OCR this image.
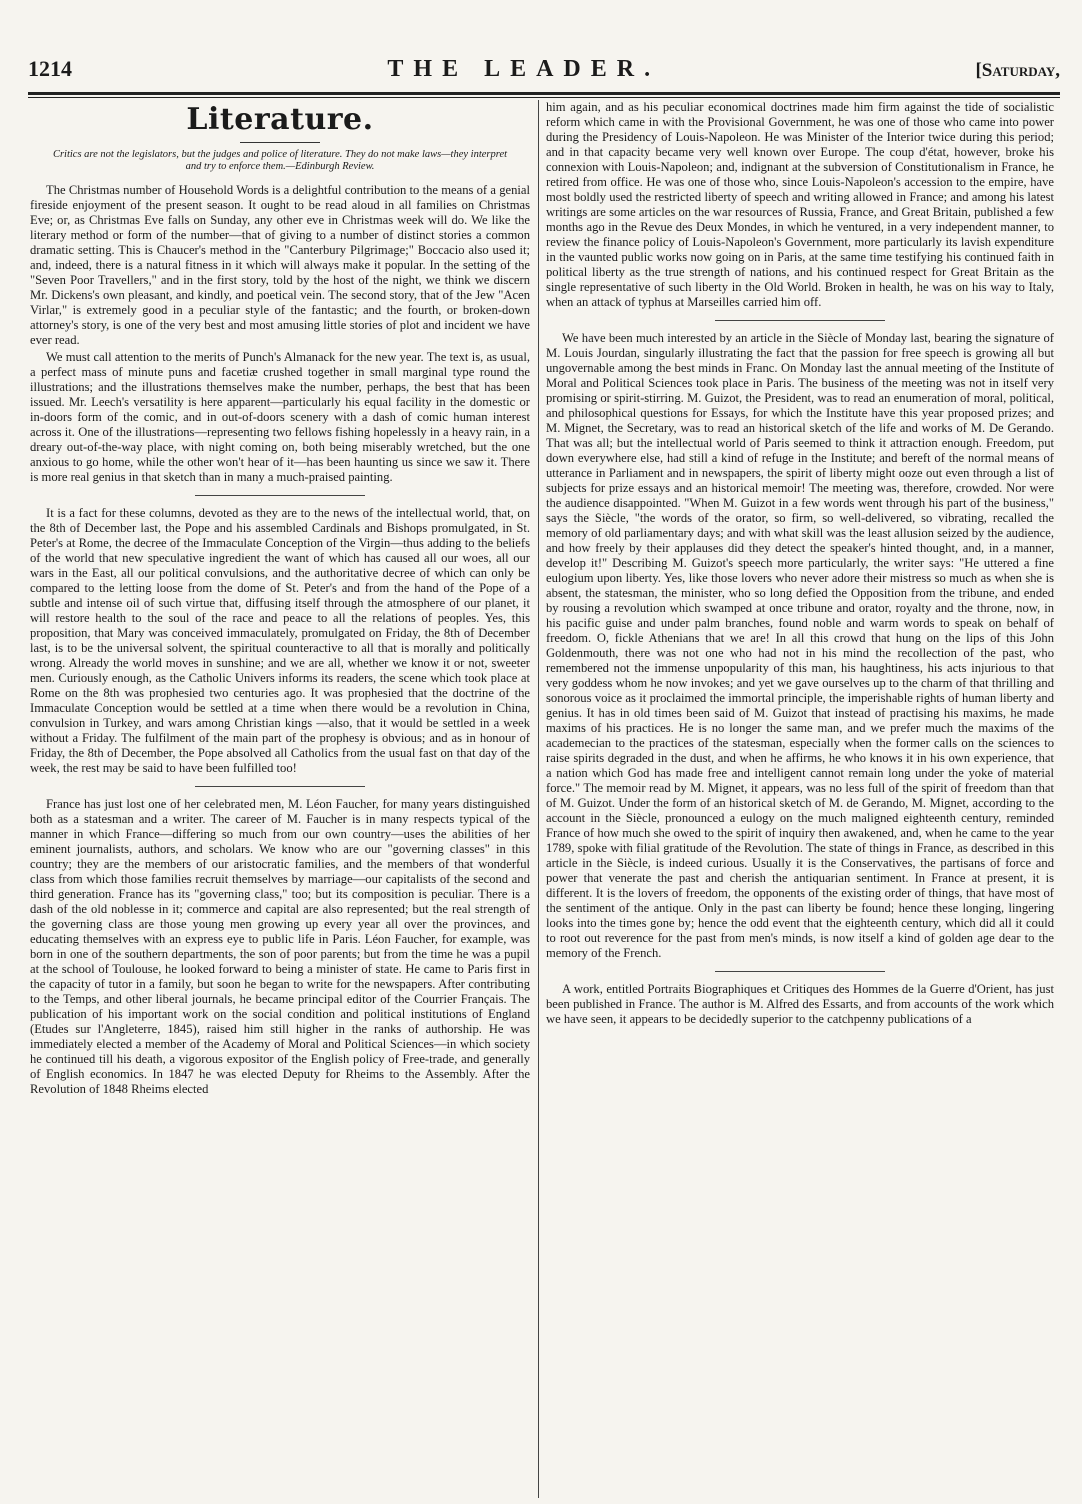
1214	THE LEADER.	[Saturday,
Literature.
Critics are not the legislators, but the judges and police of literature. They do not make laws—they interpret and try to enforce them.—Edinburgh Review.

The Christmas number of Household Words is a delightful contribution to the means of a genial fireside enjoyment of the present season. It ought to be read aloud in all families on Christmas Eve; or, as Christmas Eve falls on Sunday, any other eve in Christmas week will do. We like the literary method or form of the number—that of giving to a number of distinct stories a common dramatic setting. This is Chaucer's method in the "Canterbury Pilgrimage;" Boccacio also used it; and, indeed, there is a natural fitness in it which will always make it popular. In the setting of the "Seven Poor Travellers," and in the first story, told by the host of the night, we think we discern Mr. Dickens's own pleasant, and kindly, and poetical vein. The second story, that of the Jew "Acen Virlar," is extremely good in a peculiar style of the fantastic; and the fourth, or broken-down attorney's story, is one of the very best and most amusing little stories of plot and incident we have ever read.

We must call attention to the merits of Punch's Almanack for the new year. The text is, as usual, a perfect mass of minute puns and facetiæ crushed together in small marginal type round the illustrations; and the illustrations themselves make the number, perhaps, the best that has been issued. Mr. Leech's versatility is here apparent—particularly his equal facility in the domestic or in-doors form of the comic, and in out-of-doors scenery with a dash of comic human interest across it. One of the illustrations—representing two fellows fishing hopelessly in a heavy rain, in a dreary out-of-the-way place, with night coming on, both being miserably wretched, but the one anxious to go home, while the other won't hear of it—has been haunting us since we saw it. There is more real genius in that sketch than in many a much-praised painting.

It is a fact for these columns, devoted as they are to the news of the intellectual world, that, on the 8th of December last, the Pope and his assembled Cardinals and Bishops promulgated, in St. Peter's at Rome, the decree of the Immaculate Conception of the Virgin—thus adding to the beliefs of the world that new speculative ingredient the want of which has caused all our woes, all our wars in the East, all our political convulsions, and the authoritative decree of which can only be compared to the letting loose from the dome of St. Peter's and from the hand of the Pope of a subtle and intense oil of such virtue that, diffusing itself through the atmosphere of our planet, it will restore health to the soul of the race and peace to all the relations of peoples. Yes, this proposition, that Mary was conceived immaculately, promulgated on Friday, the 8th of December last, is to be the universal solvent, the spiritual counteractive to all that is morally and politically wrong. Already the world moves in sunshine; and we are all, whether we know it or not, sweeter men. Curiously enough, as the Catholic Univers informs its readers, the scene which took place at Rome on the 8th was prophesied two centuries ago. It was prophesied that the doctrine of the Immaculate Conception would be settled at a time when there would be a revolution in China, convulsion in Turkey, and wars among Christian kings —also, that it would be settled in a week without a Friday. The fulfilment of the main part of the prophesy is obvious; and as in honour of Friday, the 8th of December, the Pope absolved all Catholics from the usual fast on that day of the week, the rest may be said to have been fulfilled too!

France has just lost one of her celebrated men, M. Léon Faucher, for many years distinguished both as a statesman and a writer. The career of M. Faucher is in many respects typical of the manner in which France—differing so much from our own country—uses the abilities of her eminent journalists, authors, and scholars. We know who are our "governing classes" in this country; they are the members of our aristocratic families, and the members of that wonderful class from which those families recruit themselves by marriage—our capitalists of the second and third generation. France has its "governing class," too; but its composition is peculiar. There is a dash of the old noblesse in it; commerce and capital are also represented; but the real strength of the governing class are those young men growing up every year all over the provinces, and educating themselves with an express eye to public life in Paris. Léon Faucher, for example, was born in one of the southern departments, the son of poor parents; but from the time he was a pupil at the school of Toulouse, he looked forward to being a minister of state. He came to Paris first in the capacity of tutor in a family, but soon he began to write for the newspapers. After contributing to the Temps, and other liberal journals, he became principal editor of the Courrier Français. The publication of his important work on the social condition and political institutions of England (Etudes sur l'Angleterre, 1845), raised him still higher in the ranks of authorship. He was immediately elected a member of the Academy of Moral and Political Sciences—in which society he continued till his death, a vigorous expositor of the English policy of Free-trade, and generally of English economics. In 1847 he was elected Deputy for Rheims to the Assembly. After the Revolution of 1848 Rheims elected

him again, and as his peculiar economical doctrines made him firm against the tide of socialistic reform which came in with the Provisional Government, he was one of those who came into power during the Presidency of Louis-Napoleon. He was Minister of the Interior twice during this period; and in that capacity became very well known over Europe. The coup d'état, however, broke his connexion with Louis-Napoleon; and, indignant at the subversion of Constitutionalism in France, he retired from office. He was one of those who, since Louis-Napoleon's accession to the empire, have most boldly used the restricted liberty of speech and writing allowed in France; and among his latest writings are some articles on the war resources of Russia, France, and Great Britain, published a few months ago in the Revue des Deux Mondes, in which he ventured, in a very independent manner, to review the finance policy of Louis-Napoleon's Government, more particularly its lavish expenditure in the vaunted public works now going on in Paris, at the same time testifying his continued faith in political liberty as the true strength of nations, and his continued respect for Great Britain as the single representative of such liberty in the Old World. Broken in health, he was on his way to Italy, when an attack of typhus at Marseilles carried him off.

We have been much interested by an article in the Siècle of Monday last, bearing the signature of M. Louis Jourdan, singularly illustrating the fact that the passion for free speech is growing all but ungovernable among the best minds in Franc. On Monday last the annual meeting of the Institute of Moral and Political Sciences took place in Paris. The business of the meeting was not in itself very promising or spirit-stirring. M. Guizot, the President, was to read an enumeration of moral, political, and philosophical questions for Essays, for which the Institute have this year proposed prizes; and M. Mignet, the Secretary, was to read an historical sketch of the life and works of M. De Gerando. That was all; but the intellectual world of Paris seemed to think it attraction enough. Freedom, put down everywhere else, had still a kind of refuge in the Institute; and bereft of the normal means of utterance in Parliament and in newspapers, the spirit of liberty might ooze out even through a list of subjects for prize essays and an historical memoir! The meeting was, therefore, crowded. Nor were the audience disappointed. "When M. Guizot in a few words went through his part of the business," says the Siècle, "the words of the orator, so firm, so well-delivered, so vibrating, recalled the memory of old parliamentary days; and with what skill was the least allusion seized by the audience, and how freely by their applauses did they detect the speaker's hinted thought, and, in a manner, develop it!" Describing M. Guizot's speech more particularly, the writer says: "He uttered a fine eulogium upon liberty. Yes, like those lovers who never adore their mistress so much as when she is absent, the statesman, the minister, who so long defied the Opposition from the tribune, and ended by rousing a revolution which swamped at once tribune and orator, royalty and the throne, now, in his pacific guise and under palm branches, found noble and warm words to speak on behalf of freedom. O, fickle Athenians that we are! In all this crowd that hung on the lips of this John Goldenmouth, there was not one who had not in his mind the recollection of the past, who remembered not the immense unpopularity of this man, his haughtiness, his acts injurious to that very goddess whom he now invokes; and yet we gave ourselves up to the charm of that thrilling and sonorous voice as it proclaimed the immortal principle, the imperishable rights of human liberty and genius. It has in old times been said of M. Guizot that instead of practising his maxims, he made maxims of his practices. He is no longer the same man, and we prefer much the maxims of the academecian to the practices of the statesman, especially when the former calls on the sciences to raise spirits degraded in the dust, and when he affirms, he who knows it in his own experience, that a nation which God has made free and intelligent cannot remain long under the yoke of material force." The memoir read by M. Mignet, it appears, was no less full of the spirit of freedom than that of M. Guizot. Under the form of an historical sketch of M. de Gerando, M. Mignet, according to the account in the Siècle, pronounced a eulogy on the much maligned eighteenth century, reminded France of how much she owed to the spirit of inquiry then awakened, and, when he came to the year 1789, spoke with filial gratitude of the Revolution. The state of things in France, as described in this article in the Siècle, is indeed curious. Usually it is the Conservatives, the partisans of force and power that venerate the past and cherish the antiquarian sentiment. In France at present, it is different. It is the lovers of freedom, the opponents of the existing order of things, that have most of the sentiment of the antique. Only in the past can liberty be found; hence these longing, lingering looks into the times gone by; hence the odd event that the eighteenth century, which did all it could to root out reverence for the past from men's minds, is now itself a kind of golden age dear to the memory of the French.

A work, entitled Portraits Biographiques et Critiques des Hommes de la Guerre d'Orient, has just been published in France. The author is M. Alfred des Essarts, and from accounts of the work which we have seen, it appears to be decidedly superior to the catchpenny publications of a
